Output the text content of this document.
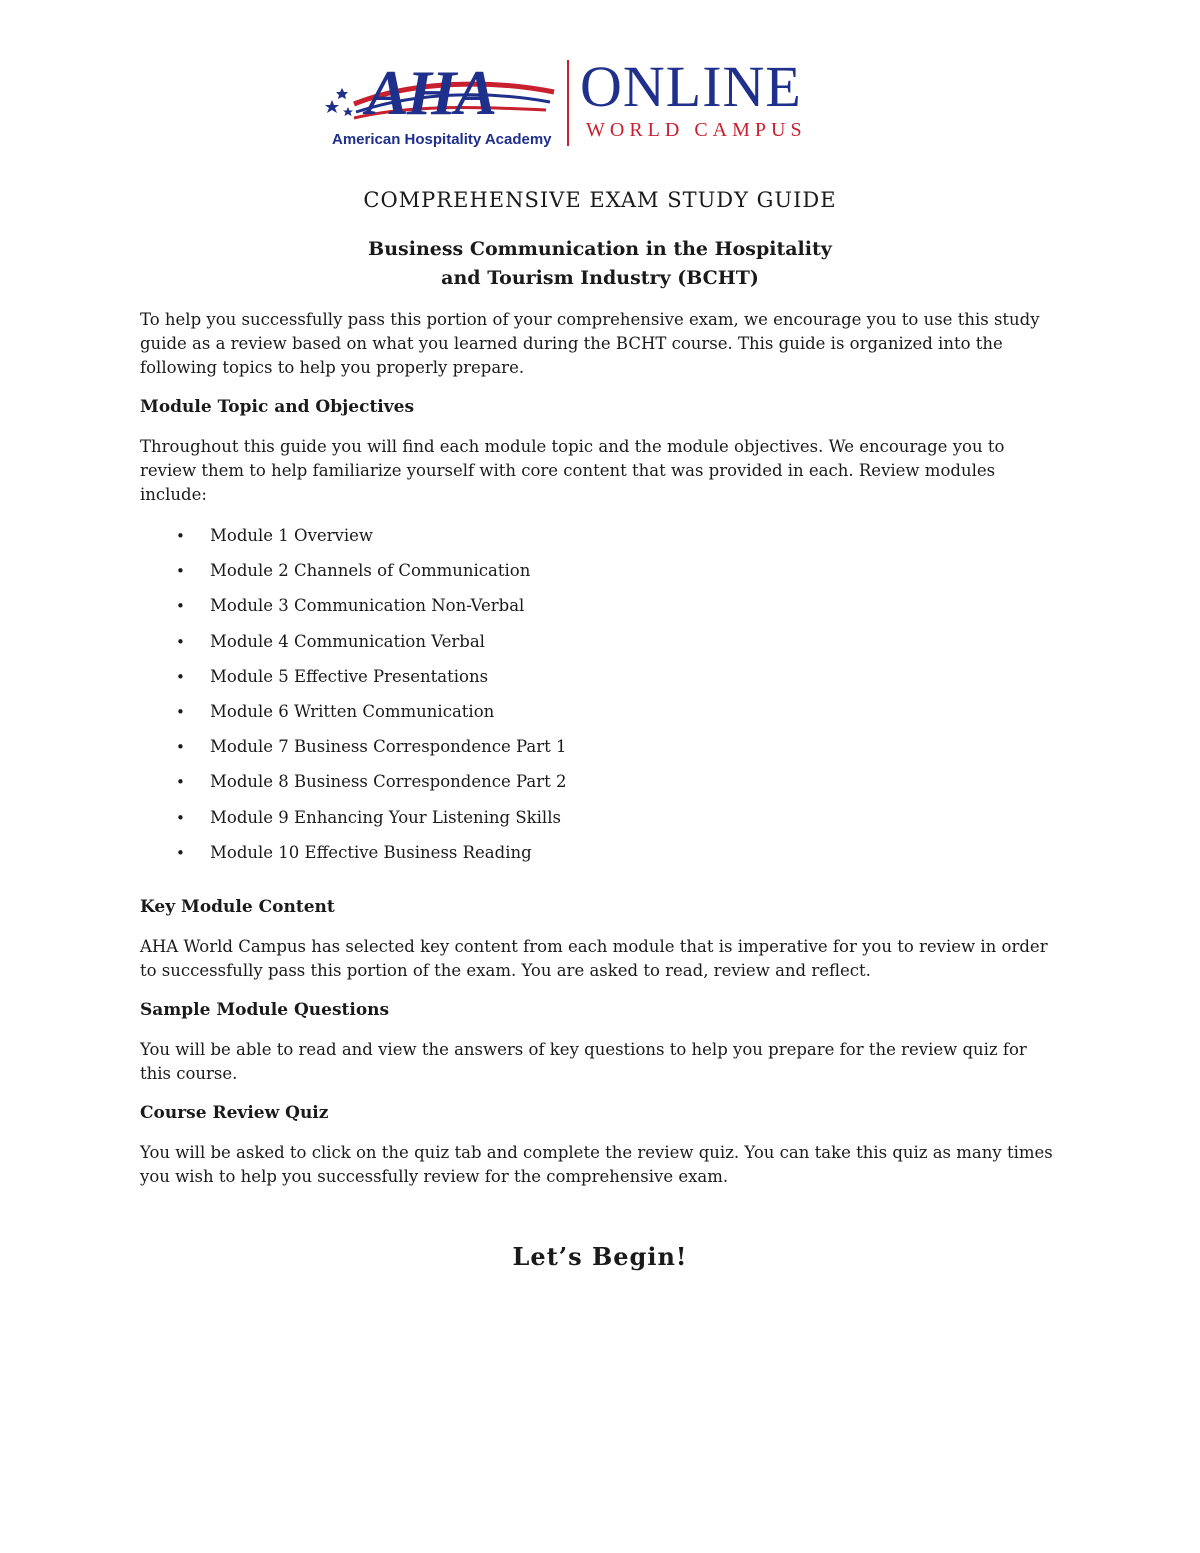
AHA
American Hospitality Academy
ONLINE
WORLD CAMPUS
COMPREHENSIVE EXAM STUDY GUIDE
Business Communication in the Hospitality
and Tourism Industry (BCHT)

To help you successfully pass this portion of your comprehensive exam, we encourage you to use this study guide as a review based on what you learned during the BCHT course. This guide is organized into the following topics to help you properly prepare.

Module Topic and Objectives

Throughout this guide you will find each module topic and the module objectives. We encourage you to review them to help familiarize yourself with core content that was provided in each. Review modules include:

• Module 1 Overview
• Module 2 Channels of Communication
• Module 3 Communication Non-Verbal
• Module 4 Communication Verbal
• Module 5 Effective Presentations
• Module 6 Written Communication
• Module 7 Business Correspondence Part 1
• Module 8 Business Correspondence Part 2
• Module 9 Enhancing Your Listening Skills
• Module 10 Effective Business Reading
Key Module Content

AHA World Campus has selected key content from each module that is imperative for you to review in order to successfully pass this portion of the exam. You are asked to read, review and reflect.

Sample Module Questions

You will be able to read and view the answers of key questions to help you prepare for the review quiz for this course.

Course Review Quiz

You will be asked to click on the quiz tab and complete the review quiz. You can take this quiz as many times you wish to help you successfully review for the comprehensive exam.

Let’s Begin!
